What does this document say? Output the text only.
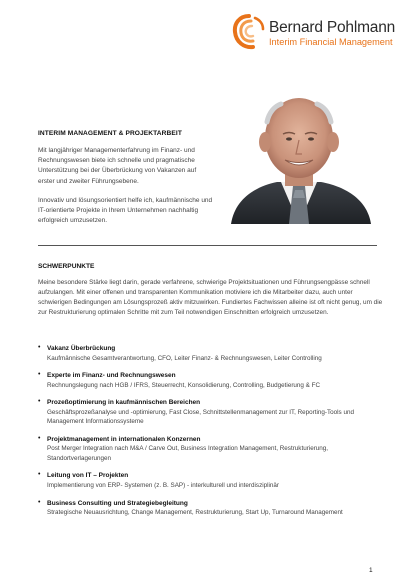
Bernard Pohlmann
Interim Financial Management
INTERIM MANAGEMENT & PROJEKTARBEIT
Mit langjähriger Managementerfahrung im Finanz- und Rechnungswesen biete ich schnelle und pragmatische Unterstützung bei der Überbrückung von Vakanzen auf erster und zweiter Führungsebene.
Innovativ und lösungsorientiert helfe ich, kaufmännische und IT-orientierte Projekte in Ihrem Unternehmen nachhaltig erfolgreich umzusetzen.
SCHWERPUNKTE
Meine besondere Stärke liegt darin, gerade verfahrene, schwierige Projektsituationen und Führungsengpässe schnell aufzulangen. Mit einer offenen und transparenten Kommunikation motiviere ich die Mitarbeiter dazu, auch unter schwierigen Bedingungen am Lösungsprozeß aktiv mitzuwirken. Fundiertes Fachwissen alleine ist oft nicht genug, um die zur Restrukturierung optimalen Schritte mit zum Teil notwendigen Einschnitten erfolgreich umzusetzen.
• Vakanz Überbrückung
Kaufmännische Gesamtverantwortung, CFO, Leiter Finanz- & Rechnungswesen, Leiter Controlling
• Experte im Finanz- und Rechnungswesen
Rechnungslegung nach HGB / IFRS, Steuerrecht, Konsolidierung, Controlling, Budgetierung & FC
• Prozeßoptimierung in kaufmännischen Bereichen
Geschäftsprozeßanalyse und -optimierung, Fast Close, Schnittstellenmanagement zur IT, Reporting-Tools und Management Informationssysteme
• Projektmanagement in internationalen Konzernen
Post Merger Integration nach M&A / Carve Out, Business Integration Management, Restrukturierung, Standortverlagerungen
• Leitung von IT – Projekten
Implementierung von ERP- Systemen (z. B. SAP) - interkulturell und interdisziplinär
• Business Consulting und Strategiebegleitung
Strategische Neuausrichtung, Change Management, Restrukturierung, Start Up, Turnaround Management
1
